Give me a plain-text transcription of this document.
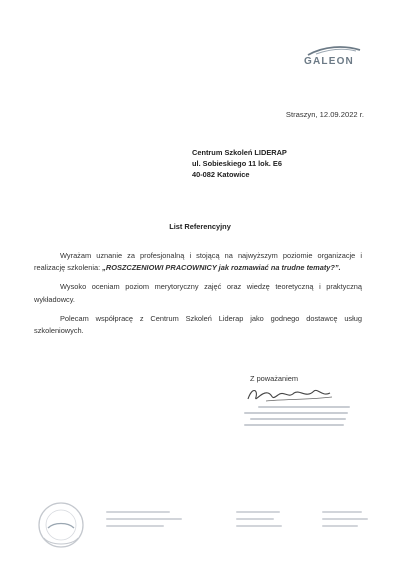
GALEON
Straszyn, 12.09.2022 r.
Centrum Szkoleń LIDERAP
ul. Sobieskiego 11 lok. E6
40-082 Katowice
List Referencyjny

Wyrażam uznanie za profesjonalną i stojącą na najwyższym poziomie organizacje i realizację szkolenia: „ROSZCZENIOWI PRACOWNICY jak rozmawiać na trudne tematy?”.

Wysoko oceniam poziom merytoryczny zajęć oraz wiedzę teoretyczną i praktyczną wykładowcy.

Polecam współpracę z Centrum Szkoleń Liderap jako godnego dostawcę usług szkoleniowych.

Z poważaniem
